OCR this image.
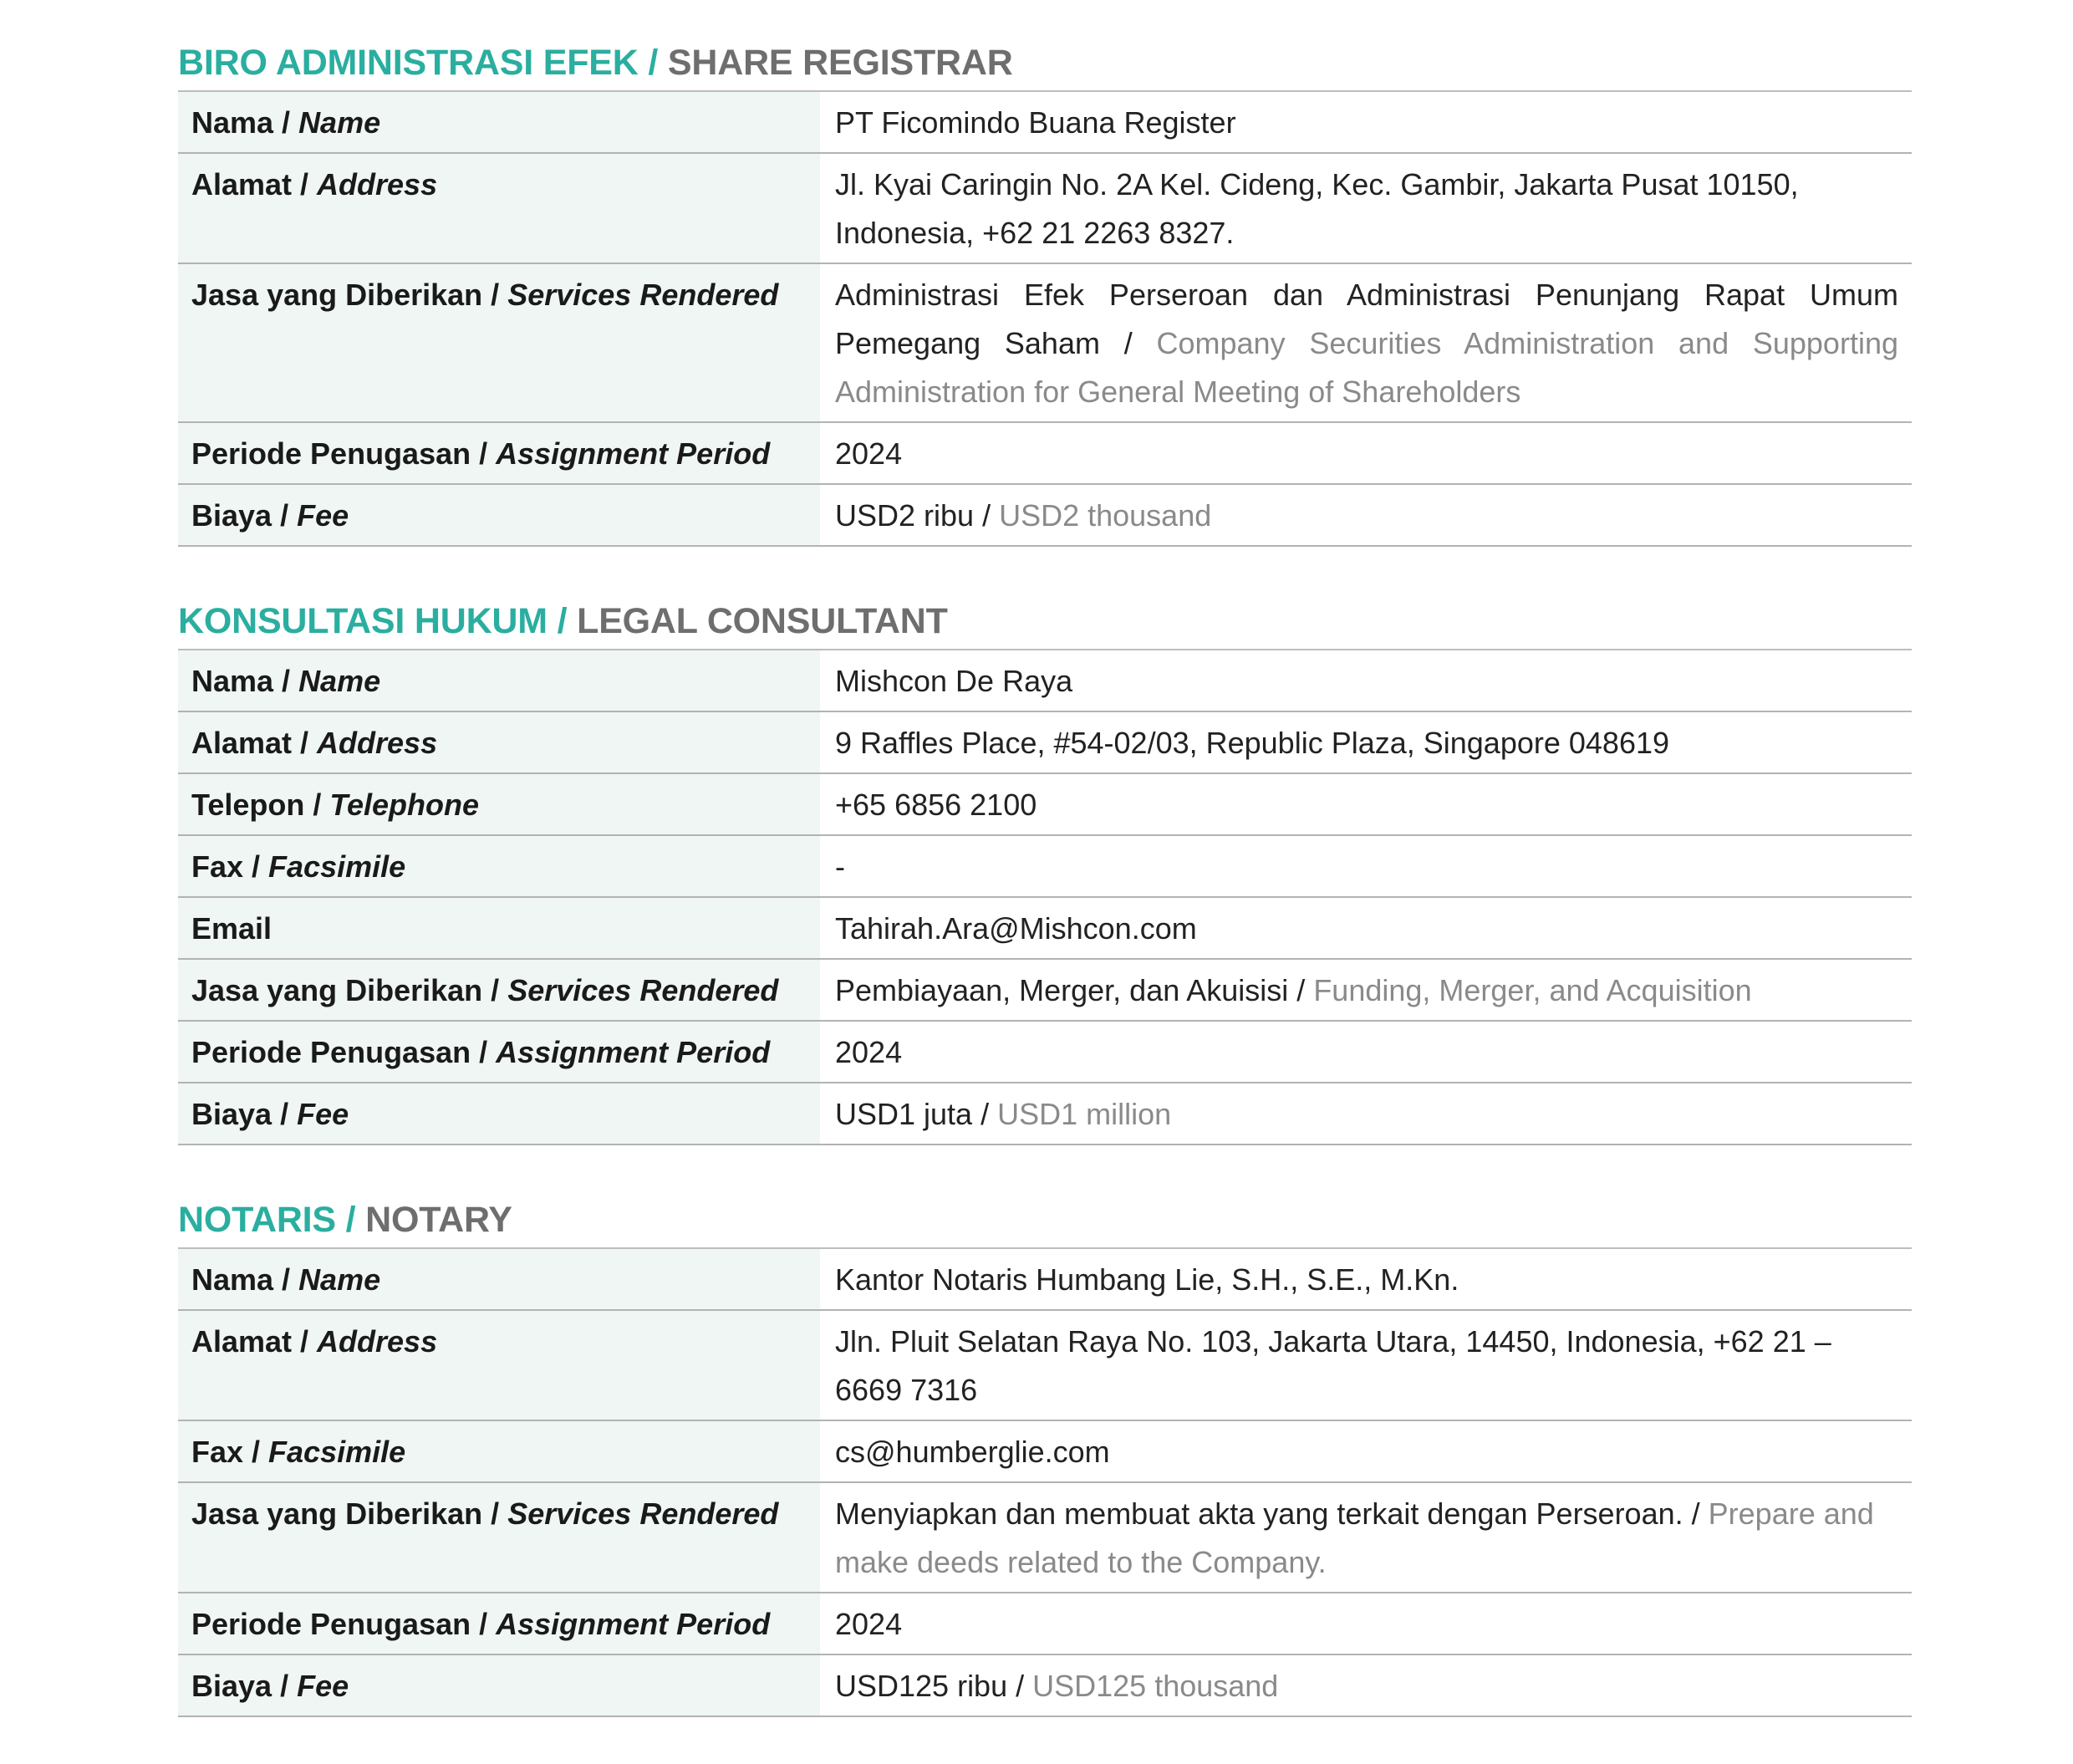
BIRO ADMINISTRASI EFEK / SHARE REGISTRAR
Nama / Name	PT Ficomindo Buana Register
Alamat / Address	Jl. Kyai Caringin No. 2A Kel. Cideng, Kec. Gambir, Jakarta Pusat 10150, Indonesia, +62 21 2263 8327.
Jasa yang Diberikan / Services Rendered	Administrasi Efek Perseroan dan Administrasi Penunjang Rapat Umum Pemegang Saham / Company Securities Administration and Supporting Administration for General Meeting of Shareholders
Periode Penugasan / Assignment Period	2024
Biaya / Fee	USD2 ribu / USD2 thousand
KONSULTASI HUKUM / LEGAL CONSULTANT
Nama / Name	Mishcon De Raya
Alamat / Address	9 Raffles Place, #54-02/03, Republic Plaza, Singapore 048619
Telepon / Telephone	+65 6856 2100
Fax / Facsimile	-
Email	Tahirah.Ara@Mishcon.com
Jasa yang Diberikan / Services Rendered	Pembiayaan, Merger, dan Akuisisi / Funding, Merger, and Acquisition
Periode Penugasan / Assignment Period	2024
Biaya / Fee	USD1 juta / USD1 million
NOTARIS / NOTARY
Nama / Name	Kantor Notaris Humbang Lie, S.H., S.E., M.Kn.
Alamat / Address	Jln. Pluit Selatan Raya No. 103, Jakarta Utara, 14450, Indonesia, +62 21 – 6669 7316
Fax / Facsimile	cs@humberglie.com
Jasa yang Diberikan / Services Rendered	Menyiapkan dan membuat akta yang terkait dengan Perseroan. / Prepare and make deeds related to the Company.
Periode Penugasan / Assignment Period	2024
Biaya / Fee	USD125 ribu / USD125 thousand
